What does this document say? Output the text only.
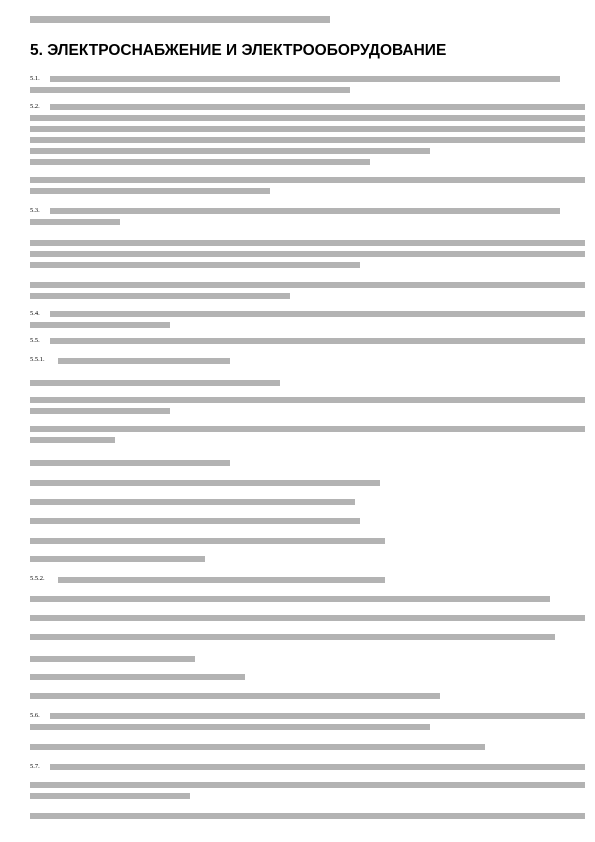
5. ЭЛЕКТРОСНАБЖЕНИЕ И ЭЛЕКТРООБОРУДОВАНИЕ
5.1.
5.2.
5.3.
5.4.
5.5.
5.5.1.
5.5.2.
5.6.
5.7.
